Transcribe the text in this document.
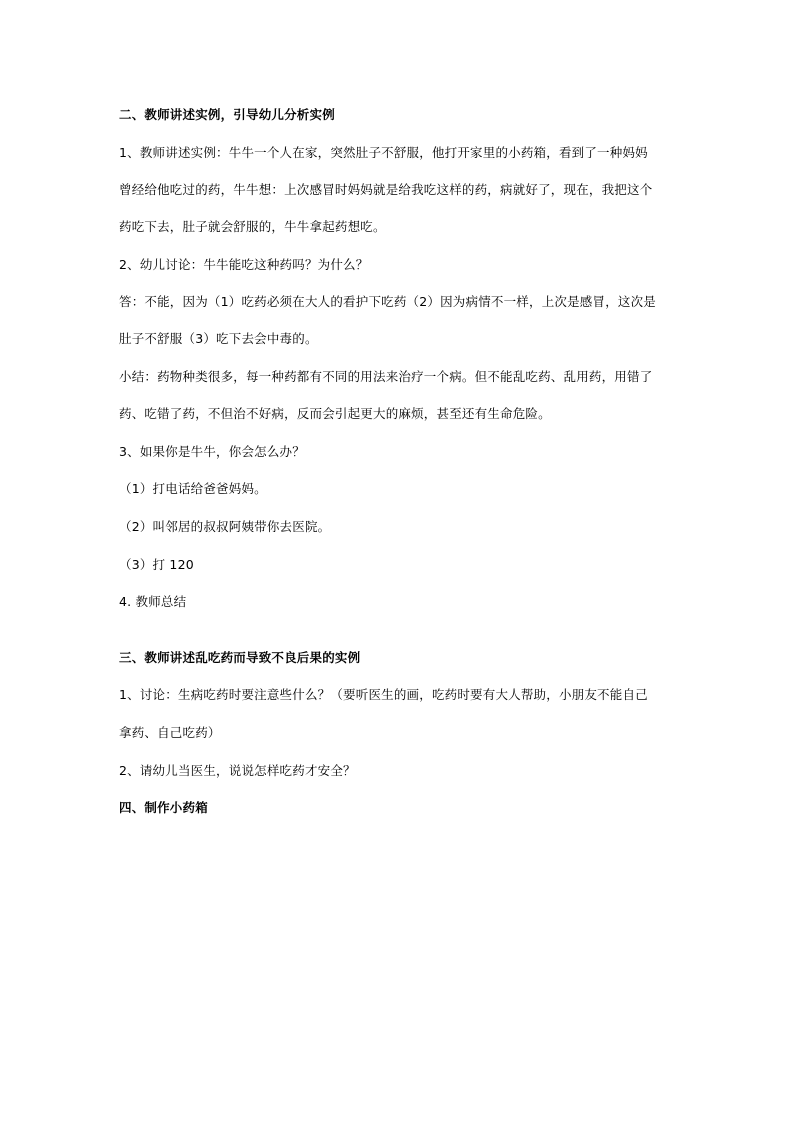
二、教师讲述实例，引导幼儿分析实例
1、教师讲述实例：牛牛一个人在家，突然肚子不舒服，他打开家里的小药箱，看到了一种妈妈
曾经给他吃过的药，牛牛想：上次感冒时妈妈就是给我吃这样的药，病就好了，现在，我把这个
药吃下去，肚子就会舒服的，牛牛拿起药想吃。
2、幼儿讨论：牛牛能吃这种药吗？为什么？
答：不能，因为（1）吃药必须在大人的看护下吃药（2）因为病情不一样，上次是感冒，这次是
肚子不舒服（3）吃下去会中毒的。
小结：药物种类很多，每一种药都有不同的用法来治疗一个病。但不能乱吃药、乱用药，用错了
药、吃错了药，不但治不好病，反而会引起更大的麻烦，甚至还有生命危险。
3、如果你是牛牛，你会怎么办？
（1）打电话给爸爸妈妈。
（2）叫邻居的叔叔阿姨带你去医院。
（3）打 120
4. 教师总结
三、教师讲述乱吃药而导致不良后果的实例
1、讨论：生病吃药时要注意些什么？（要听医生的画，吃药时要有大人帮助，小朋友不能自己
拿药、自己吃药）
2、请幼儿当医生，说说怎样吃药才安全？
四、制作小药箱
